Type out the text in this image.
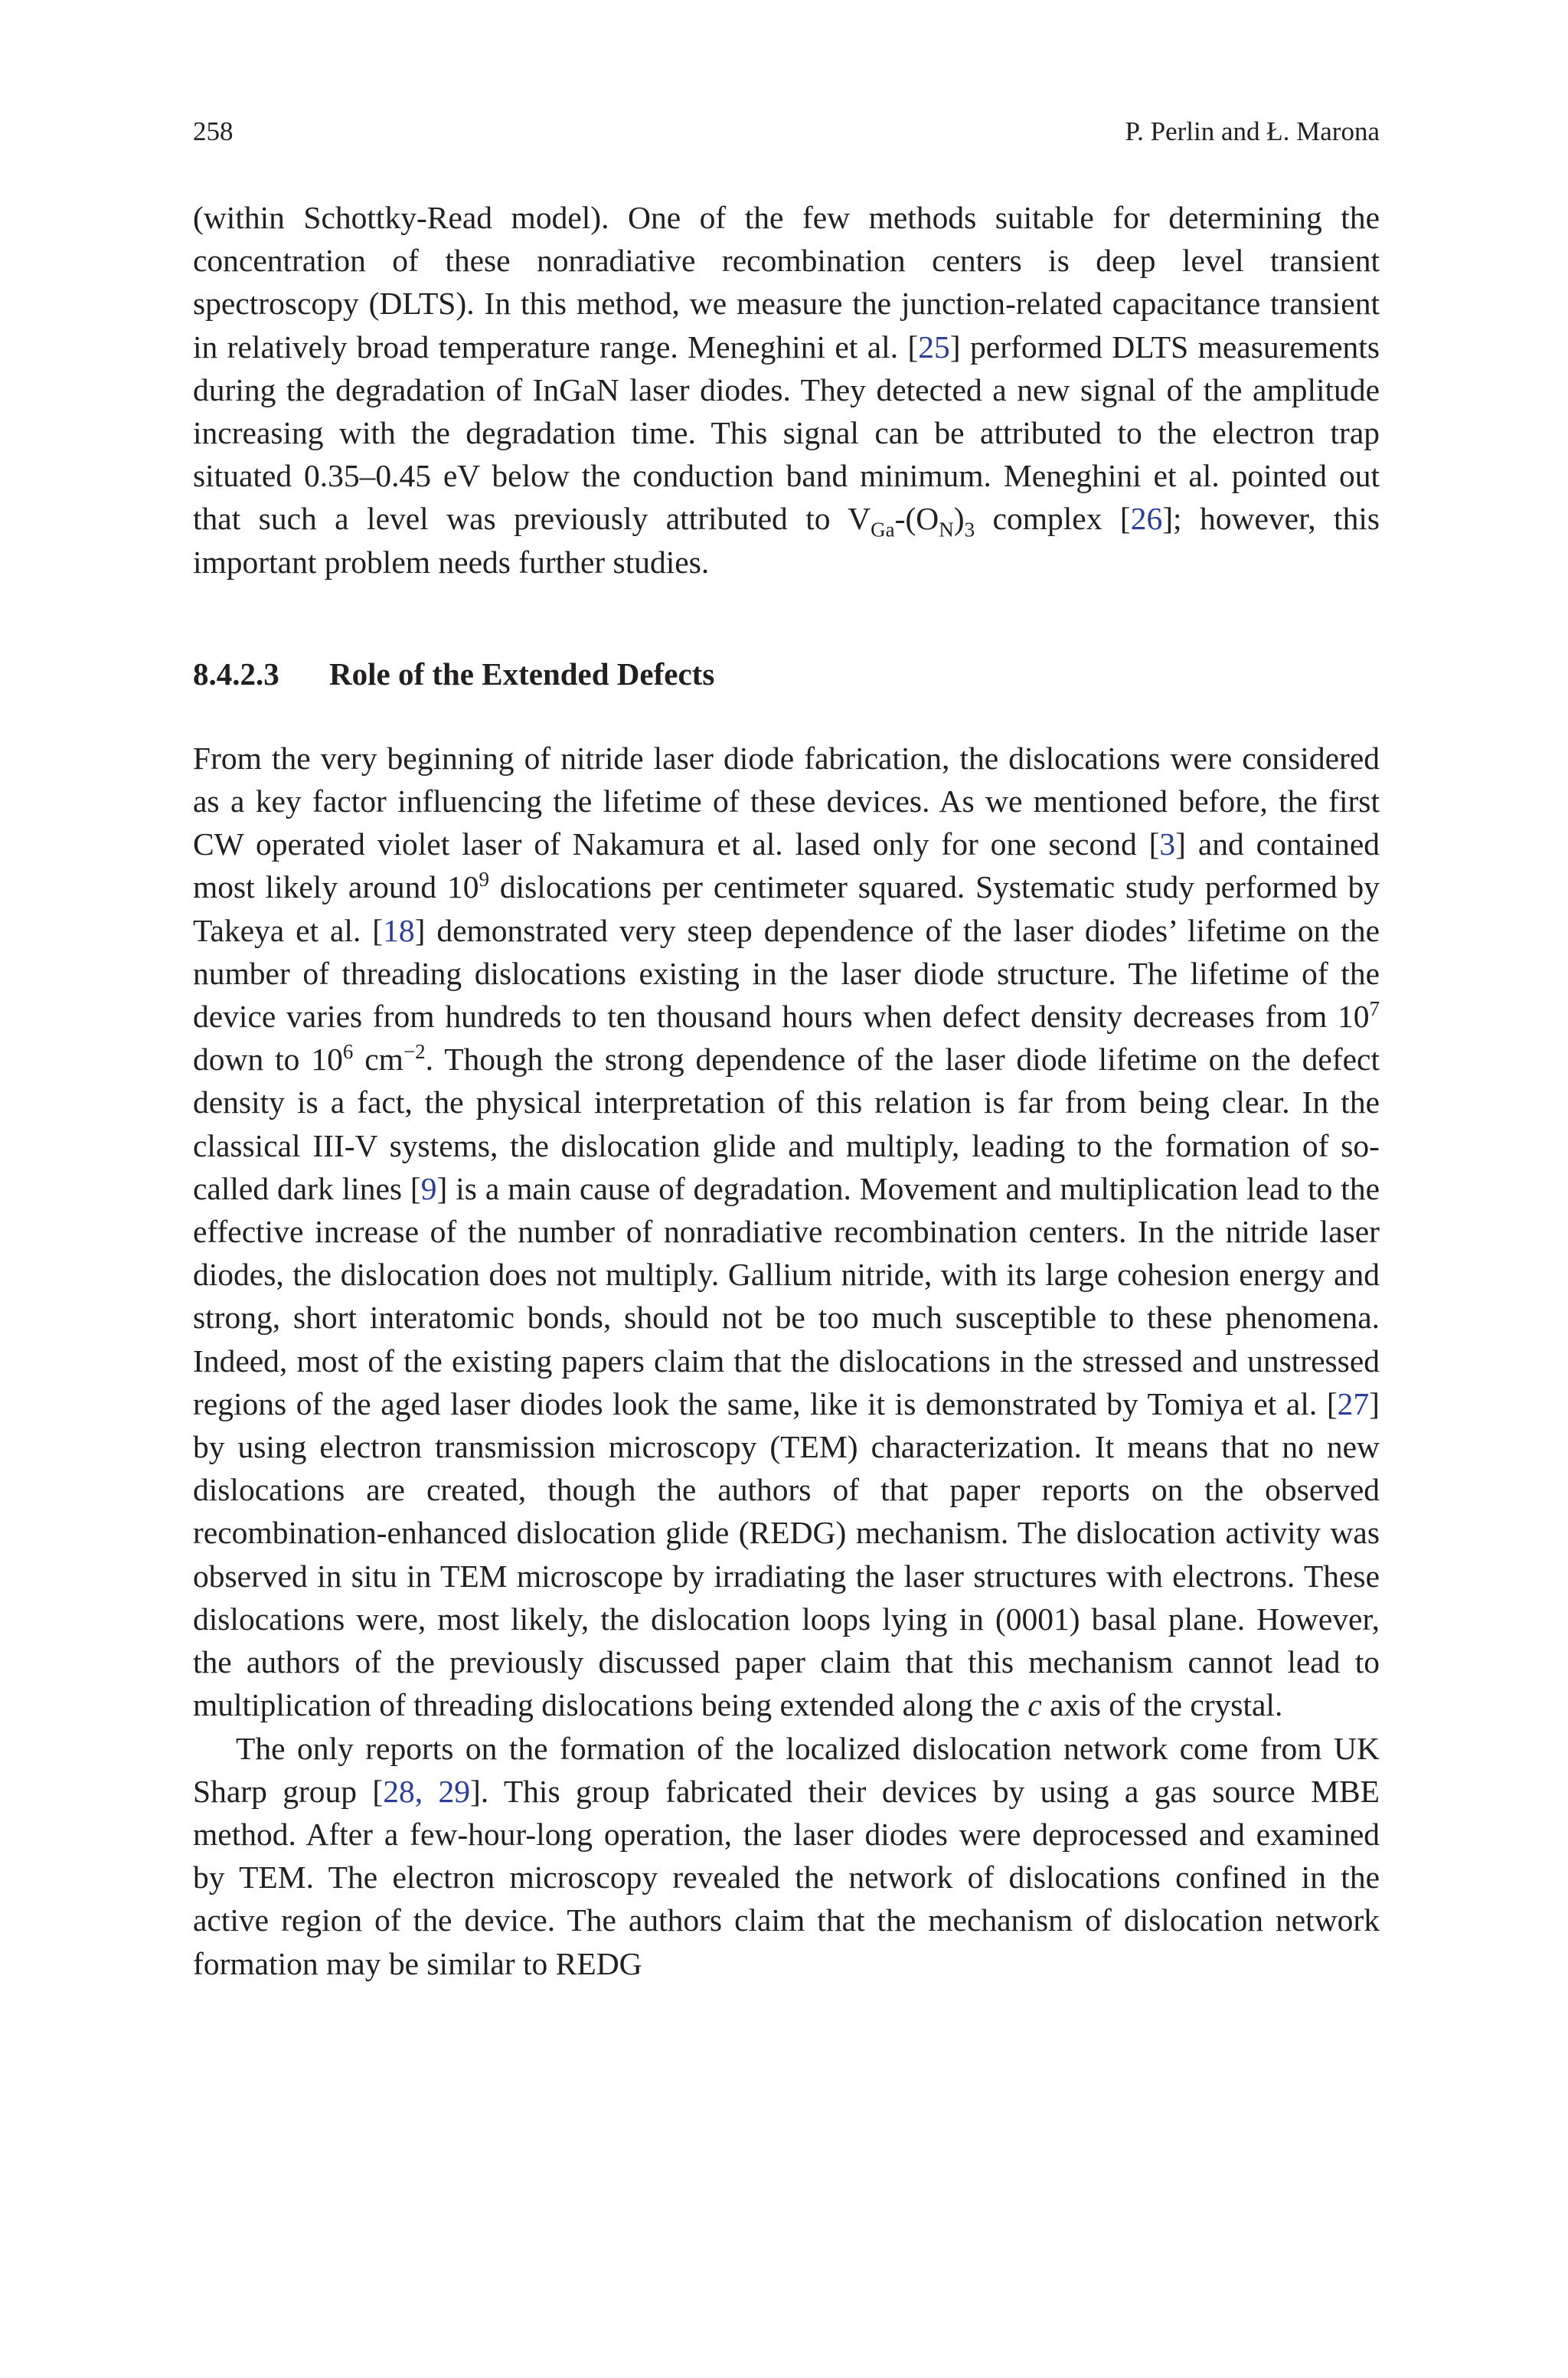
258	P. Perlin and Ł. Marona

(within Schottky-Read model). One of the few methods suitable for determining the concentration of these nonradiative recombination centers is deep level transient spectroscopy (DLTS). In this method, we measure the junction-related capacitance transient in relatively broad temperature range. Meneghini et al. [25] performed DLTS measurements during the degradation of InGaN laser diodes. They detected a new signal of the amplitude increasing with the degradation time. This signal can be attributed to the electron trap situated 0.35–0.45 eV below the conduction band minimum. Meneghini et al. pointed out that such a level was previously attributed to $V_{Ga}-(O_N)_3$ complex [26]; however, this important problem needs further studies.

8.4.2.3 Role of the Extended Defects

From the very beginning of nitride laser diode fabrication, the dislocations were considered as a key factor influencing the lifetime of these devices. As we mentioned before, the first CW operated violet laser of Nakamura et al. lased only for one second [3] and contained most likely around $10^9$ dislocations per centimeter squared. Systematic study performed by Takeya et al. [18] demonstrated very steep dependence of the laser diodes’ lifetime on the number of threading dislocations existing in the laser diode structure. The lifetime of the device varies from hundreds to ten thousand hours when defect density decreases from $10^7$ down to $10^6$ $cm^{-2}$. Though the strong dependence of the laser diode lifetime on the defect density is a fact, the physical interpretation of this relation is far from being clear. In the classical III-V systems, the dislocation glide and multiply, leading to the formation of so-called dark lines [9] is a main cause of degradation. Movement and multiplication lead to the effective increase of the number of nonradiative recombination centers. In the nitride laser diodes, the dislocation does not multiply. Gallium nitride, with its large cohesion energy and strong, short interatomic bonds, should not be too much susceptible to these phenomena. Indeed, most of the existing papers claim that the dislocations in the stressed and unstressed regions of the aged laser diodes look the same, like it is demonstrated by Tomiya et al. [27] by using electron transmission microscopy (TEM) characterization. It means that no new dislocations are created, though the authors of that paper reports on the observed recombination-enhanced dislocation glide (REDG) mechanism. The dislocation activity was observed in situ in TEM microscope by irradiating the laser structures with electrons. These dislocations were, most likely, the dislocation loops lying in (0001) basal plane. However, the authors of the previously discussed paper claim that this mechanism cannot lead to multiplication of threading dislocations being extended along the c axis of the crystal.

The only reports on the formation of the localized dislocation network come from UK Sharp group [28, 29]. This group fabricated their devices by using a gas source MBE method. After a few-hour-long operation, the laser diodes were deprocessed and examined by TEM. The electron microscopy revealed the network of dislocations confined in the active region of the device. The authors claim that the mechanism of dislocation network formation may be similar to REDG
